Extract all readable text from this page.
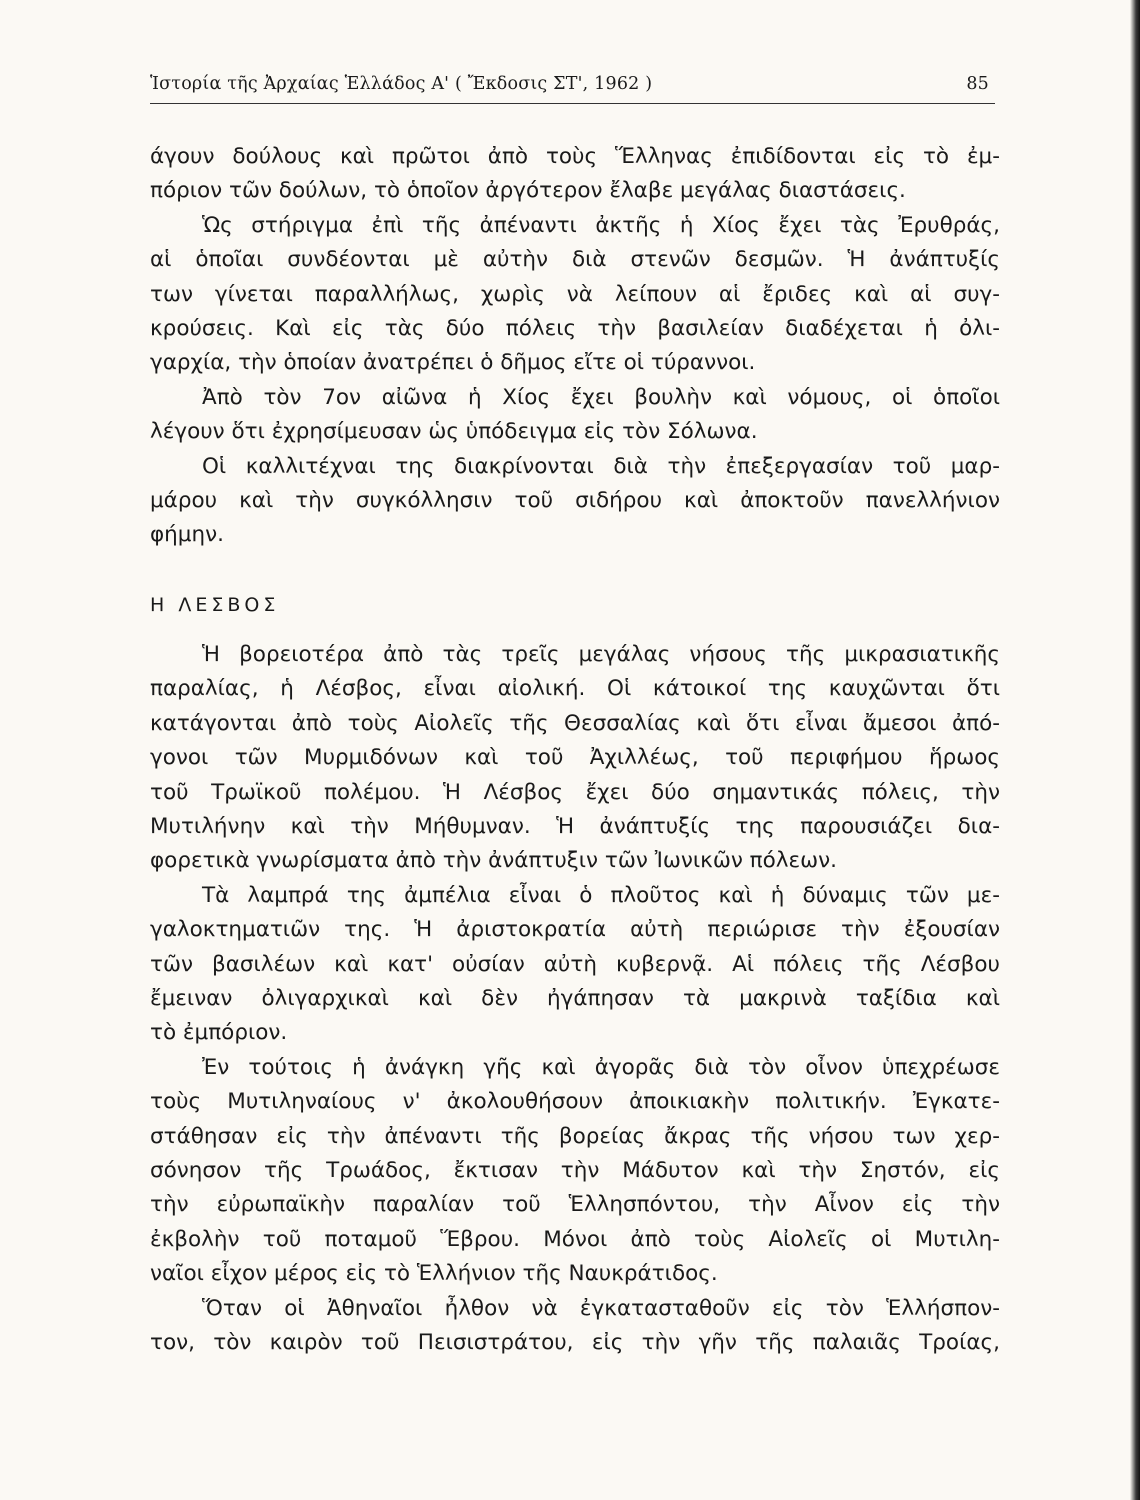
Ἱστορία τῆς Ἀρχαίας Ἑλλάδος Α' ( Ἔκδοσις ΣΤ', 1962 )	85
άγουν δούλους καὶ πρῶτοι ἀπὸ τοὺς Ἕλληνας ἐπιδίδονται εἰς τὸ ἐμ-
πόριον τῶν δούλων, τὸ ὁποῖον ἀργότερον ἔλαβε μεγάλας διαστάσεις.
Ὡς στήριγμα ἐπὶ τῆς ἀπέναντι ἀκτῆς ἡ Χίος ἔχει τὰς Ἐρυθράς,
αἱ ὁποῖαι συνδέονται μὲ αὐτὴν διὰ στενῶν δεσμῶν. Ἡ ἀνάπτυξίς
των γίνεται παραλλήλως, χωρὶς νὰ λείπουν αἱ ἔριδες καὶ αἱ συγ-
κρούσεις. Καὶ εἰς τὰς δύο πόλεις τὴν βασιλείαν διαδέχεται ἡ ὀλι-
γαρχία, τὴν ὁποίαν ἀνατρέπει ὁ δῆμος εἴτε οἱ τύραννοι.
Ἀπὸ τὸν 7ον αἰῶνα ἡ Χίος ἔχει βουλὴν καὶ νόμους, οἱ ὁποῖοι
λέγουν ὅτι ἐχρησίμευσαν ὡς ὑπόδειγμα εἰς τὸν Σόλωνα.
Οἱ καλλιτέχναι της διακρίνονται διὰ τὴν ἐπεξεργασίαν τοῦ μαρ-
μάρου καὶ τὴν συγκόλλησιν τοῦ σιδήρου καὶ ἀποκτοῦν πανελλήνιον
φήμην.
Η ΛΕΣΒΟΣ
Ἡ βορειοτέρα ἀπὸ τὰς τρεῖς μεγάλας νήσους τῆς μικρασιατικῆς
παραλίας, ἡ Λέσβος, εἶναι αἰολική. Οἱ κάτοικοί της καυχῶνται ὅτι
κατάγονται ἀπὸ τοὺς Αἰολεῖς τῆς Θεσσαλίας καὶ ὅτι εἶναι ἄμεσοι ἀπό-
γονοι τῶν Μυρμιδόνων καὶ τοῦ Ἀχιλλέως, τοῦ περιφήμου ἥρωος
τοῦ Τρωϊκοῦ πολέμου. Ἡ Λέσβος ἔχει δύο σημαντικάς πόλεις, τὴν
Μυτιλήνην καὶ τὴν Μήθυμναν. Ἡ ἀνάπτυξίς της παρουσιάζει δια-
φορετικὰ γνωρίσματα ἀπὸ τὴν ἀνάπτυξιν τῶν Ἰωνικῶν πόλεων.
Τὰ λαμπρά της ἀμπέλια εἶναι ὁ πλοῦτος καὶ ἡ δύναμις τῶν με-
γαλοκτηματιῶν της. Ἡ ἀριστοκρατία αὐτὴ περιώρισε τὴν ἐξουσίαν
τῶν βασιλέων καὶ κατ' οὐσίαν αὐτὴ κυβερνᾷ. Αἱ πόλεις τῆς Λέσβου
ἔμειναν ὀλιγαρχικαὶ καὶ δὲν ἠγάπησαν τὰ μακρινὰ ταξίδια καὶ
τὸ ἐμπόριον.
Ἐν τούτοις ἡ ἀνάγκη γῆς καὶ ἀγορᾶς διὰ τὸν οἶνον ὑπεχρέωσε
τοὺς Μυτιληναίους ν' ἀκολουθήσουν ἀποικιακὴν πολιτικήν. Ἐγκατε-
στάθησαν εἰς τὴν ἀπέναντι τῆς βορείας ἄκρας τῆς νήσου των χερ-
σόνησον τῆς Τρωάδος, ἔκτισαν τὴν Μάδυτον καὶ τὴν Σηστόν, εἰς
τὴν εὐρωπαϊκὴν παραλίαν τοῦ Ἑλλησπόντου, τὴν Αἶνον εἰς τὴν
ἐκβολὴν τοῦ ποταμοῦ Ἕβρου. Μόνοι ἀπὸ τοὺς Αἰολεῖς οἱ Μυτιλη-
ναῖοι εἶχον μέρος εἰς τὸ Ἑλλήνιον τῆς Ναυκράτιδος.
Ὅταν οἱ Ἀθηναῖοι ἦλθον νὰ ἐγκατασταθοῦν εἰς τὸν Ἑλλήσπον-
τον, τὸν καιρὸν τοῦ Πεισιστράτου, εἰς τὴν γῆν τῆς παλαιᾶς Τροίας,
